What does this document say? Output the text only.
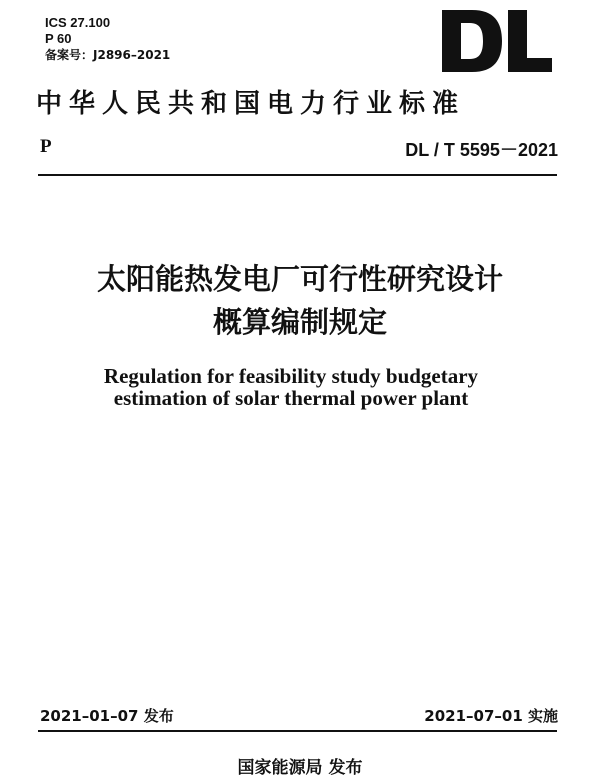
ICS 27.100
P 60
备案号：J2896–2021
中华人民共和国电力行业标准
P	DL / T 5595－2021
太阳能热发电厂可行性研究设计
概算编制规定
Regulation for feasibility study budgetary
estimation of solar thermal power plant
2021–01–07 发布	2021–07–01 实施
国家能源局 发布
